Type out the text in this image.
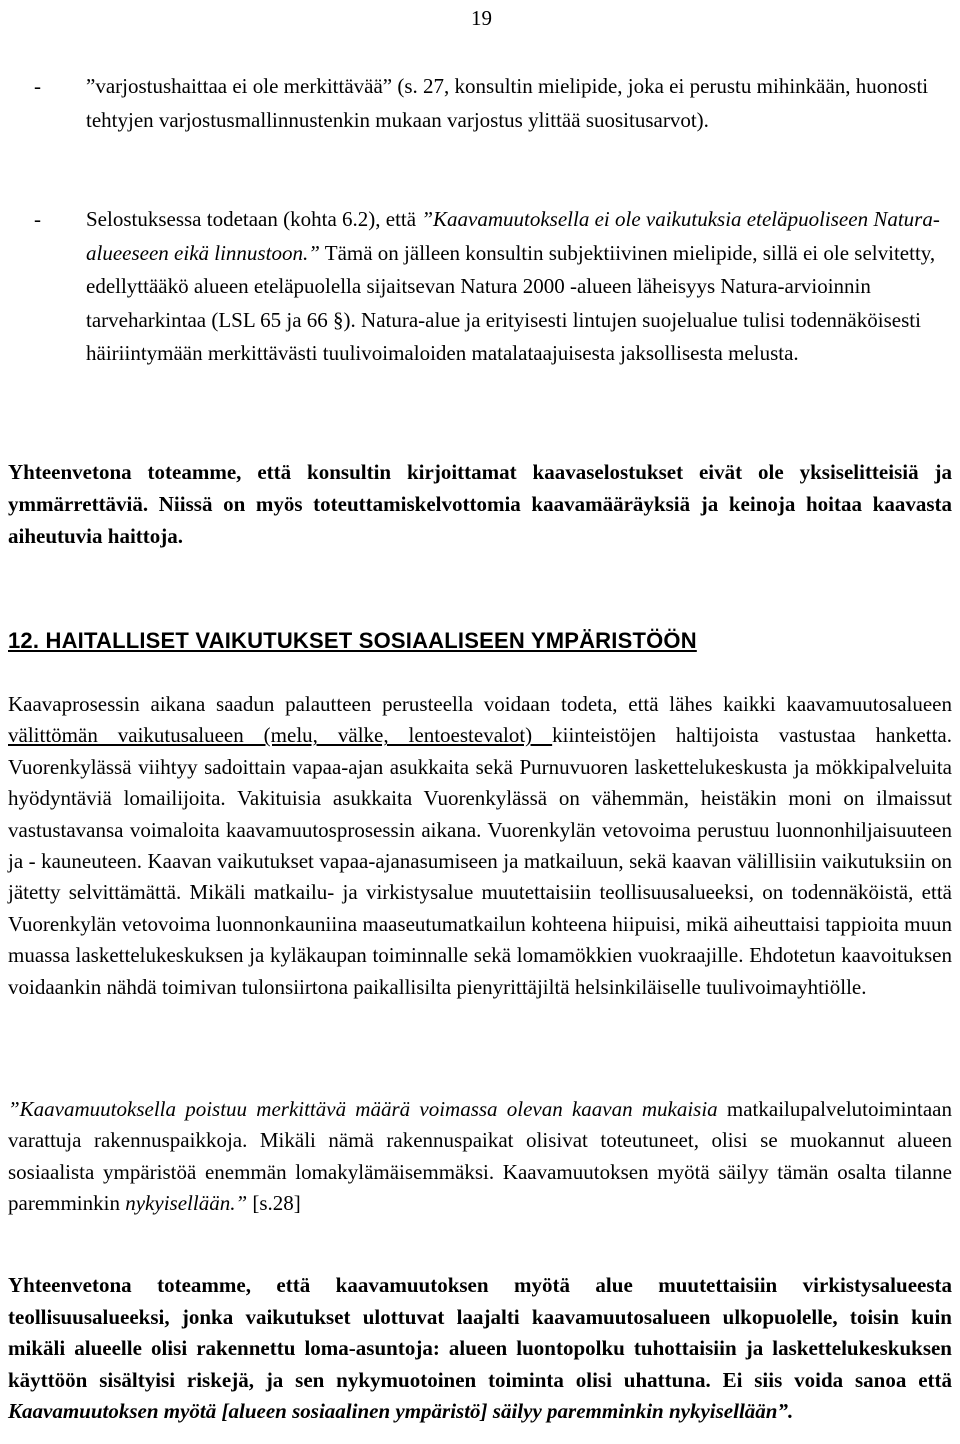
19
- ”varjostushaittaa ei ole merkittävää” (s. 27, konsultin mielipide, joka ei perustu mihinkään, huonosti tehtyjen varjostusmallinnustenkin mukaan varjostus ylittää suositusarvot).
- Selostuksessa todetaan (kohta 6.2), että ”Kaavamuutoksella ei ole vaikutuksia eteläpuoliseen Natura-alueeseen eikä linnustoon.” Tämä on jälleen konsultin subjektiivinen mielipide, sillä ei ole selvitetty, edellyttääkö alueen eteläpuolella sijaitsevan Natura 2000 -alueen läheisyys Natura-arvioinnin tarveharkintaa (LSL 65 ja 66 §). Natura-alue ja erityisesti lintujen suojelualue tulisi todennäköisesti häiriintymään merkittävästi tuulivoimaloiden matalataajuisesta jaksollisesta melusta.
Yhteenvetona toteamme, että konsultin kirjoittamat kaavaselostukset eivät ole yksiselitteisiä ja ymmärrettäviä. Niissä on myös toteuttamiskelvottomia kaavamääräyksiä ja keinoja hoitaa kaavasta aiheutuvia haittoja.
12. HAITALLISET VAIKUTUKSET SOSIAALISEEN YMPÄRISTÖÖN
Kaavaprosessin aikana saadun palautteen perusteella voidaan todeta, että lähes kaikki kaavamuutosalueen välittömän vaikutusalueen (melu, välke, lentoestevalot) kiinteistöjen haltijoista vastustaa hanketta. Vuorenkylässä viihtyy sadoittain vapaa-ajan asukkaita sekä Purnuvuoren laskettelukeskusta ja mökkipalveluita hyödyntäviä lomailijoita. Vakituisia asukkaita Vuorenkylässä on vähemmän, heistäkin moni on ilmaissut vastustavansa voimaloita kaavamuutosprosessin aikana. Vuorenkylän vetovoima perustuu luonnonhiljaisuuteen ja - kauneuteen. Kaavan vaikutukset vapaa-ajanasumiseen ja matkailuun, sekä kaavan välillisiin vaikutuksiin on jätetty selvittämättä. Mikäli matkailu- ja virkistysalue muutettaisiin teollisuusalueeksi, on todennäköistä, että Vuorenkylän vetovoima luonnonkauniina maaseutumatkailun kohteena hiipuisi, mikä aiheuttaisi tappioita muun muassa laskettelukeskuksen ja kyläkaupan toiminnalle sekä lomamökkien vuokraajille. Ehdotetun kaavoituksen voidaankin nähdä toimivan tulonsiirtona paikallisilta pienyrittäjiltä helsinkiläiselle tuulivoimayhtiölle.
”Kaavamuutoksella poistuu merkittävä määrä voimassa olevan kaavan mukaisia matkailupalvelutoimintaan varattuja rakennuspaikkoja. Mikäli nämä rakennuspaikat olisivat toteutuneet, olisi se muokannut alueen sosiaalista ympäristöä enemmän lomakylämäisemmäksi. Kaavamuutoksen myötä säilyy tämän osalta tilanne paremminkin nykyisellään.” [s.28]
Yhteenvetona toteamme, että kaavamuutoksen myötä alue muutettaisiin virkistysalueesta teollisuusalueeksi, jonka vaikutukset ulottuvat laajalti kaavamuutosalueen ulkopuolelle, toisin kuin mikäli alueelle olisi rakennettu loma-asuntoja: alueen luontopolku tuhottaisiin ja laskettelukeskuksen käyttöön sisältyisi riskejä, ja sen nykymuotoinen toiminta olisi uhattuna. Ei siis voida sanoa että Kaavamuutoksen myötä [alueen sosiaalinen ympäristö] säilyy paremminkin nykyisellään”.
